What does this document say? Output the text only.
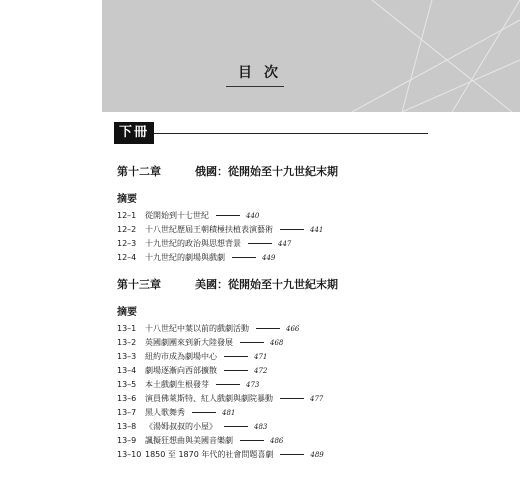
目次
下冊
第十二章	俄國：從開始至十九世紀末期
摘要
12–1 從開始到十七世紀	440
12–2 十八世紀歷屆王朝積極扶植表演藝術	441
12–3 十九世紀的政治與思想背景	447
12–4 十九世紀的劇場與戲劇	449
第十三章	美國：從開始至十九世紀末期
摘要
13–1 十八世紀中葉以前的戲劇活動	466
13–2 英國劇團來到新大陸發展	468
13–3 紐約市成為劇場中心	471
13–4 劇場逐漸向西部擴散	472
13–5 本土戲劇生根發芽	473
13–6 演員佛萊斯特、紅人戲劇與劇院暴動	477
13–7 黑人歌舞秀	481
13–8 《湯姆叔叔的小屋》	483
13–9 諷擬狂想曲與美國音樂劇	486
13–10 1850 至 1870 年代的社會問題喜劇	489
